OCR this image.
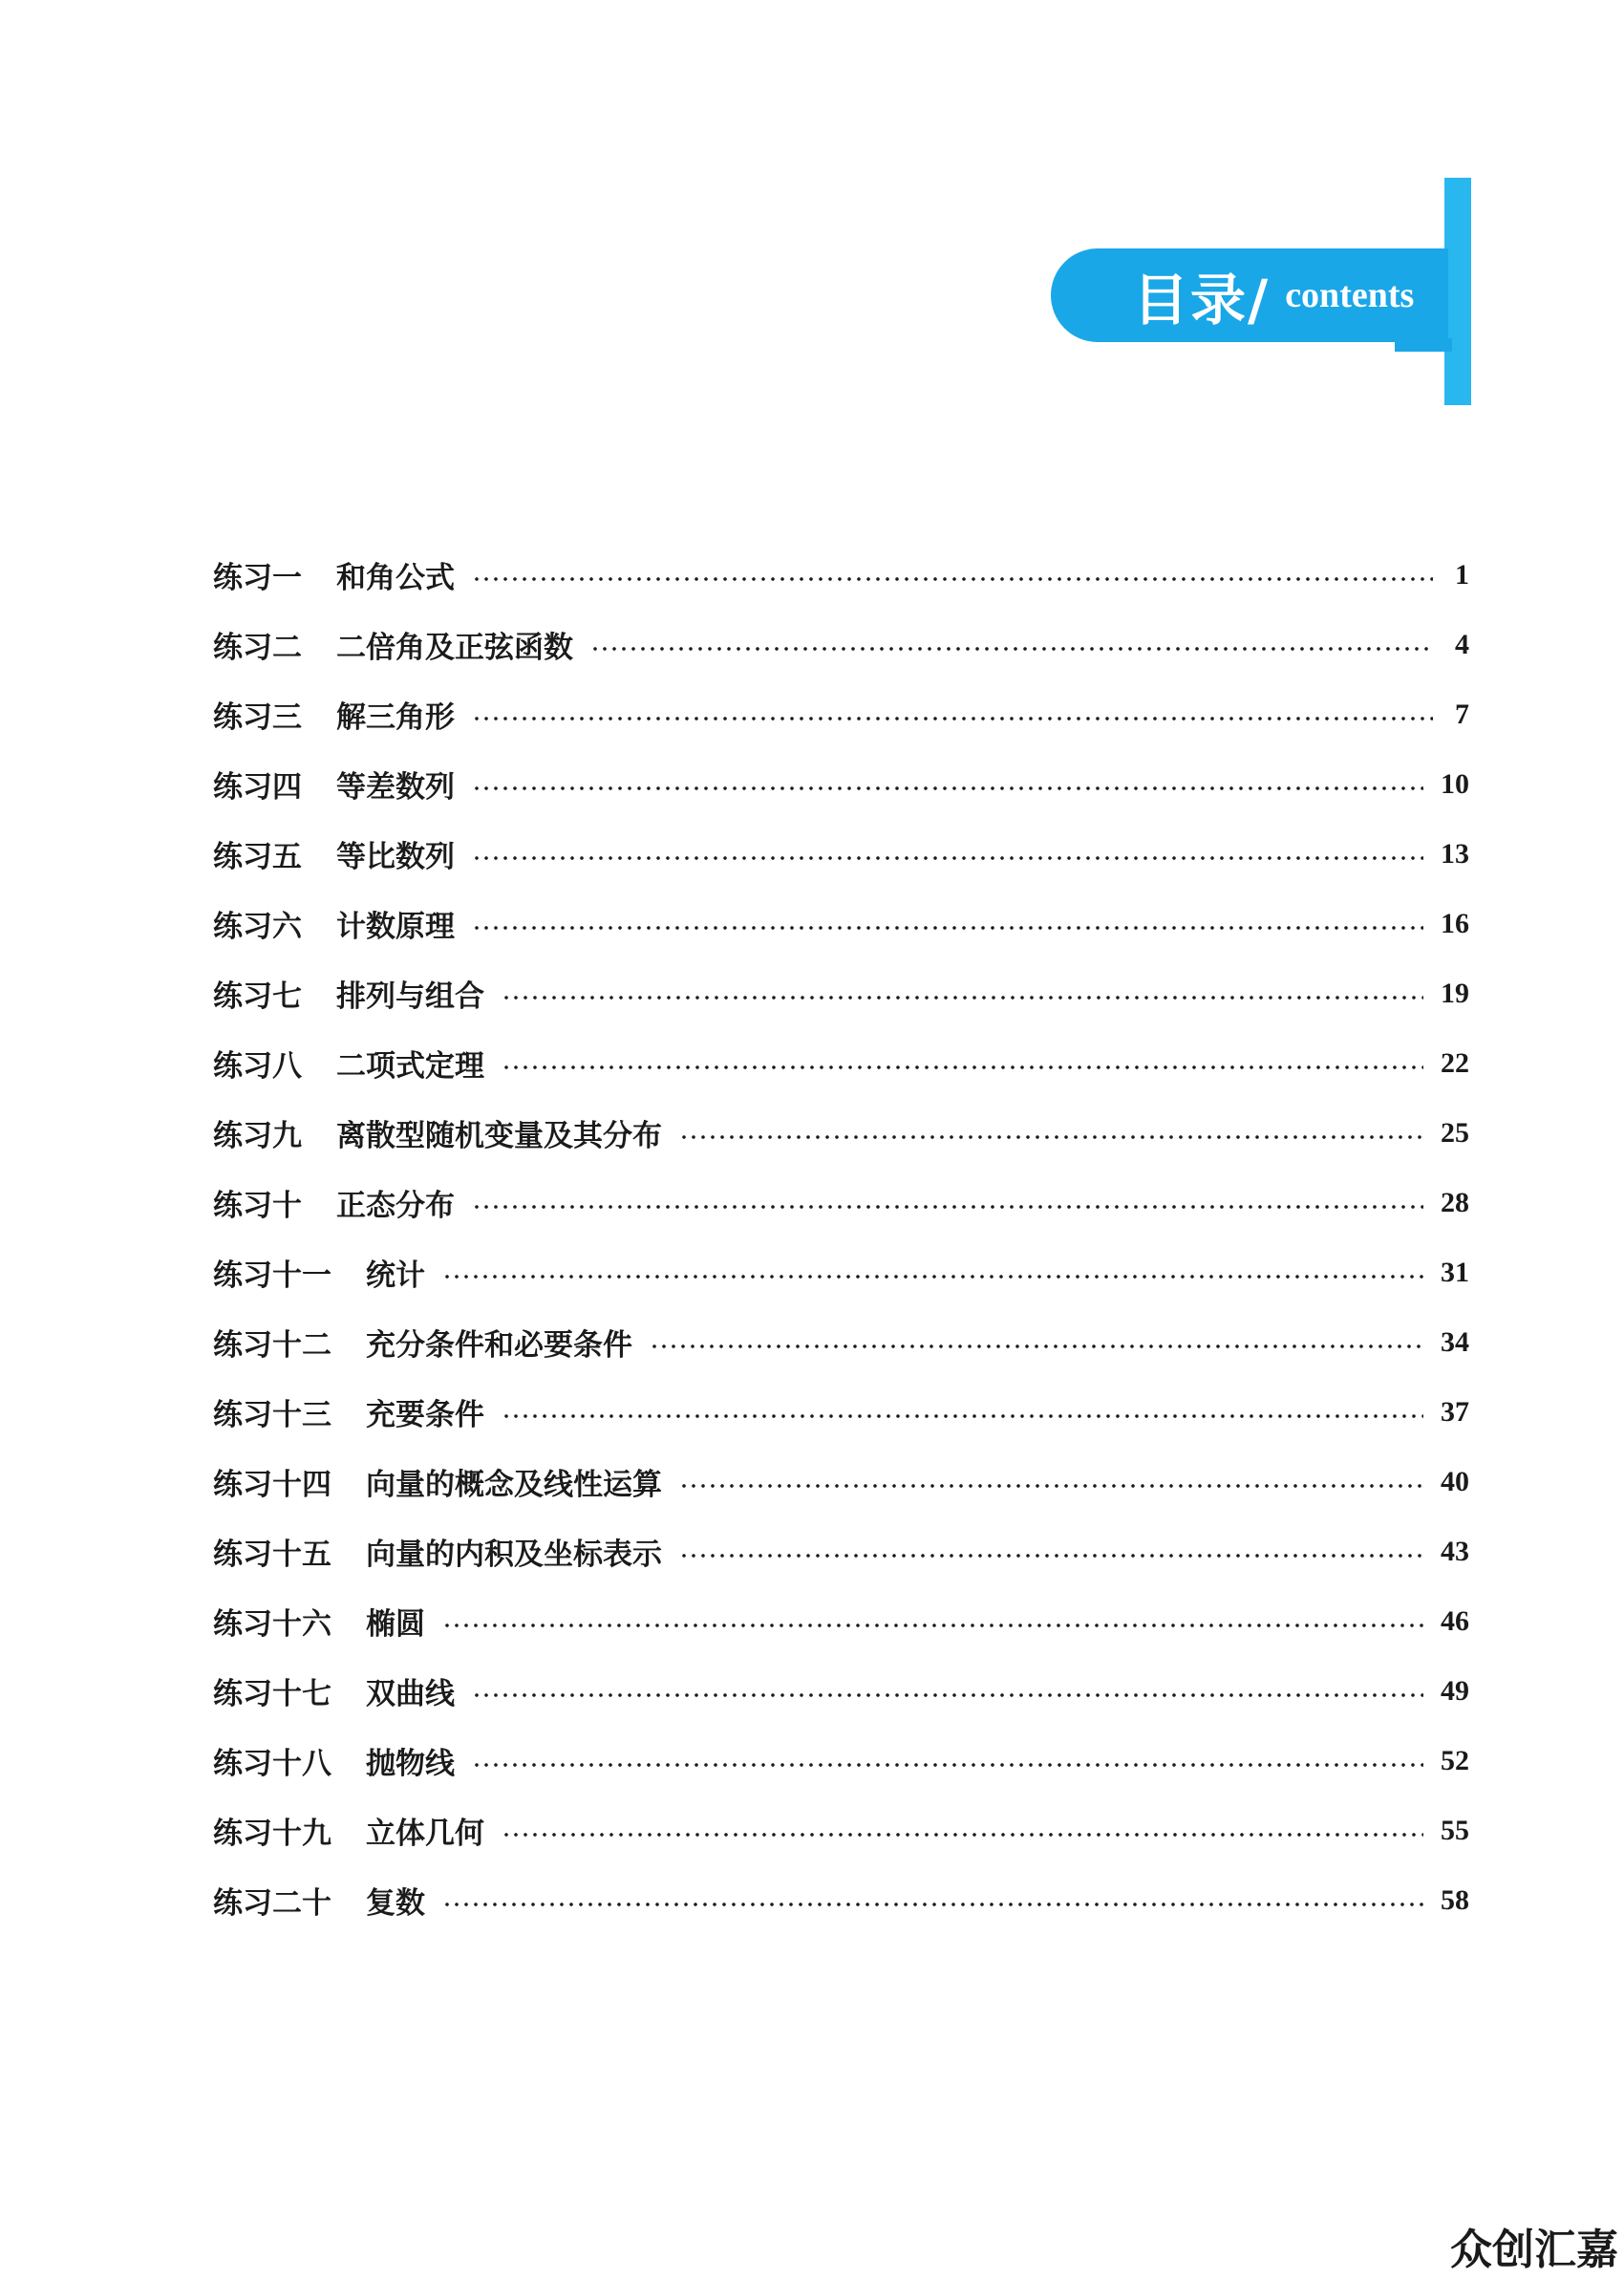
目录/ contents
练习一 和角公式	1
练习二 二倍角及正弦函数	4
练习三 解三角形	7
练习四 等差数列	10
练习五 等比数列	13
练习六 计数原理	16
练习七 排列与组合	19
练习八 二项式定理	22
练习九 离散型随机变量及其分布	25
练习十 正态分布	28
练习十一 统计	31
练习十二 充分条件和必要条件	34
练习十三 充要条件	37
练习十四 向量的概念及线性运算	40
练习十五 向量的内积及坐标表示	43
练习十六 椭圆	46
练习十七 双曲线	49
练习十八 抛物线	52
练习十九 立体几何	55
练习二十 复数	58
众创汇嘉
